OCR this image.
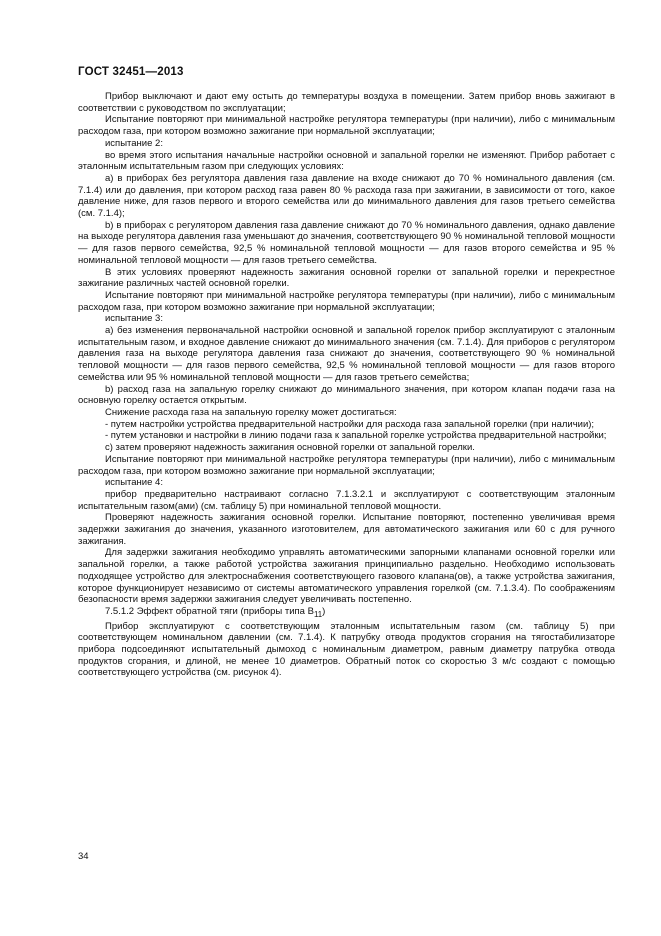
ГОСТ 32451—2013

Прибор выключают и дают ему остыть до температуры воздуха в помещении. Затем прибор вновь зажигают в соответствии с руководством по эксплуатации;

Испытание повторяют при минимальной настройке регулятора температуры (при наличии), либо с минимальным расходом газа, при котором возможно зажигание при нормальной эксплуатации;

испытание 2:

во время этого испытания начальные настройки основной и запальной горелки не изменяют. Прибор работает с эталонным испытательным газом при следующих условиях:

а) в приборах без регулятора давления газа давление на входе снижают до 70 % номинального давления (см. 7.1.4) или до давления, при котором расход газа равен 80 % расхода газа при зажигании, в зависимости от того, какое давление ниже, для газов первого и второго семейства или до минимального давления для газов третьего семейства (см. 7.1.4);

b) в приборах с регулятором давления газа давление снижают до 70 % номинального давления, однако давление на выходе регулятора давления газа уменьшают до значения, соответствующего 90 % номинальной тепловой мощности — для газов первого семейства, 92,5 % номинальной тепловой мощности — для газов второго семейства и 95 % номинальной тепловой мощности — для газов третьего семейства.

В этих условиях проверяют надежность зажигания основной горелки от запальной горелки и перекрестное зажигание различных частей основной горелки.

Испытание повторяют при минимальной настройке регулятора температуры (при наличии), либо с минимальным расходом газа, при котором возможно зажигание при нормальной эксплуатации;

испытание 3:

а) без изменения первоначальной настройки основной и запальной горелок прибор эксплуатируют с эталонным испытательным газом, и входное давление снижают до минимального значения (см. 7.1.4). Для приборов с регулятором давления газа на выходе регулятора давления газа снижают до значения, соответствующего 90 % номинальной тепловой мощности — для газов первого семейства, 92,5 % номинальной тепловой мощности — для газов второго семейства или 95 % номинальной тепловой мощности — для газов третьего семейства;

b) расход газа на запальную горелку снижают до минимального значения, при котором клапан подачи газа на основную горелку остается открытым.

Снижение расхода газа на запальную горелку может достигаться:

- путем настройки устройства предварительной настройки для расхода газа запальной горелки (при наличии);

- путем установки и настройки в линию подачи газа к запальной горелке устройства предварительной настройки;

с) затем проверяют надежность зажигания основной горелки от запальной горелки.

Испытание повторяют при минимальной настройке регулятора температуры (при наличии), либо с минимальным расходом газа, при котором возможно зажигание при нормальной эксплуатации;

испытание 4:

прибор предварительно настраивают согласно 7.1.3.2.1 и эксплуатируют с соответствующим эталонным испытательным газом(ами) (см. таблицу 5) при номинальной тепловой мощности.

Проверяют надежность зажигания основной горелки. Испытание повторяют, постепенно увеличивая время задержки зажигания до значения, указанного изготовителем, для автоматического зажигания или 60 с для ручного зажигания.

Для задержки зажигания необходимо управлять автоматическими запорными клапанами основной горелки или запальной горелки, а также работой устройства зажигания принципиально раздельно. Необходимо использовать подходящее устройство для электроснабжения соответствующего газового клапана(ов), а также устройства зажигания, которое функционирует независимо от системы автоматического управления горелкой (см. 7.1.3.4). По соображениям безопасности время задержки зажигания следует увеличивать постепенно.

7.5.1.2 Эффект обратной тяги (приборы типа $В_{11}$)

Прибор эксплуатируют с соответствующим эталонным испытательным газом (см. таблицу 5) при соответствующем номинальном давлении (см. 7.1.4). К патрубку отвода продуктов сгорания на тягостабилизаторе прибора подсоединяют испытательный дымоход с номинальным диаметром, равным диаметру патрубка отвода продуктов сгорания, и длиной, не менее 10 диаметров. Обратный поток со скоростью 3 м/с создают с помощью соответствующего устройства (см. рисунок 4).

34
